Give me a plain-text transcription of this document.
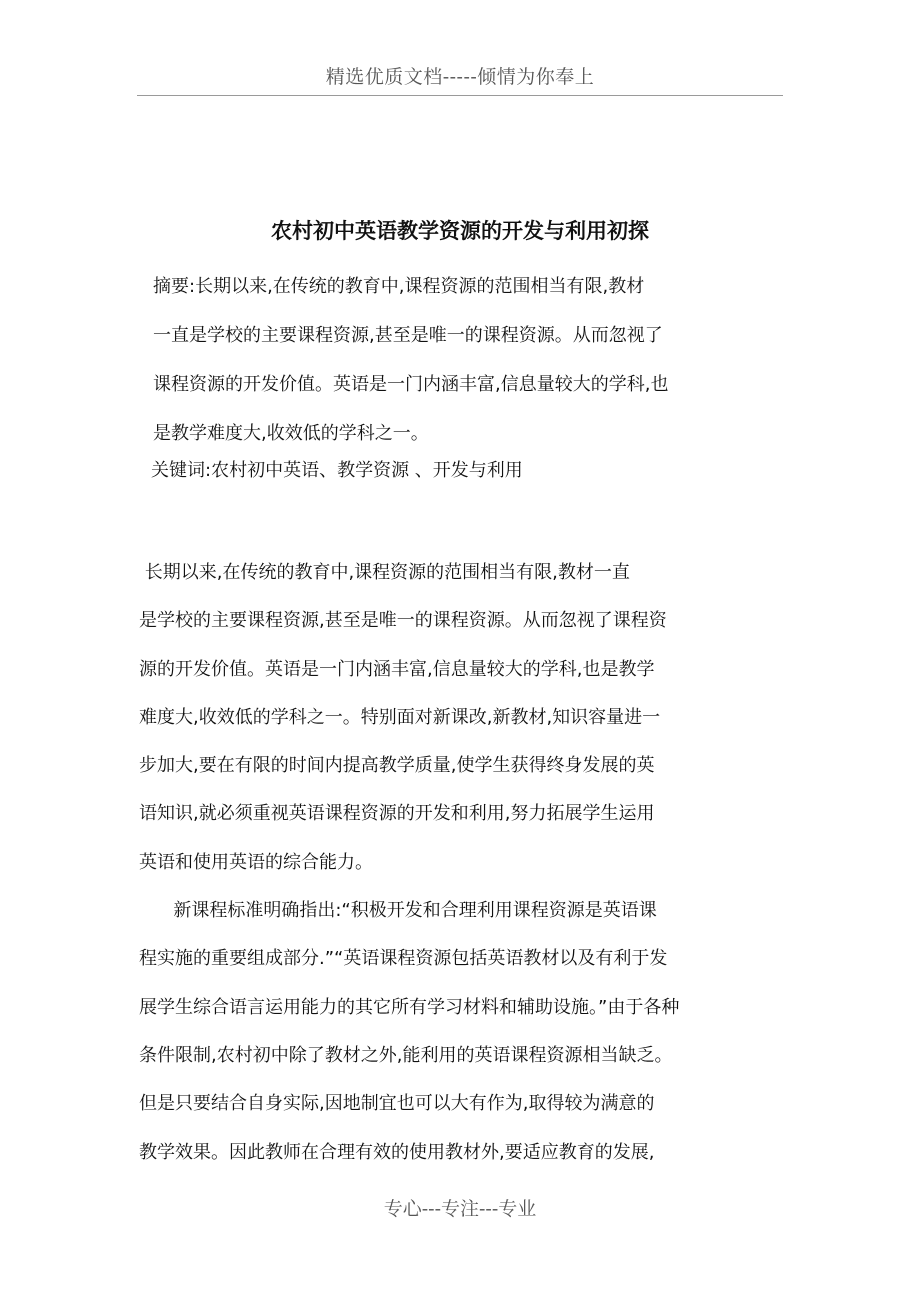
精选优质文档-----倾情为你奉上
农村初中英语教学资源的开发与利用初探
摘要:长期以来,在传统的教育中,课程资源的范围相当有限,教材
一直是学校的主要课程资源,甚至是唯一的课程资源。从而忽视了
课程资源的开发价值。英语是一门内涵丰富,信息量较大的学科,也
是教学难度大,收效低的学科之一。
关键词:农村初中英语、教学资源 、开发与利用
长期以来,在传统的教育中,课程资源的范围相当有限,教材一直
是学校的主要课程资源,甚至是唯一的课程资源。从而忽视了课程资
源的开发价值。英语是一门内涵丰富,信息量较大的学科,也是教学
难度大,收效低的学科之一。特别面对新课改,新教材,知识容量进一
步加大,要在有限的时间内提高教学质量,使学生获得终身发展的英
语知识,就必须重视英语课程资源的开发和利用,努力拓展学生运用
英语和使用英语的综合能力。
新课程标准明确指出:“积极开发和合理利用课程资源是英语课
程实施的重要组成部分.”“英语课程资源包括英语教材以及有利于发
展学生综合语言运用能力的其它所有学习材料和辅助设施。”由于各种
条件限制,农村初中除了教材之外,能利用的英语课程资源相当缺乏。
但是只要结合自身实际,因地制宜也可以大有作为,取得较为满意的
教学效果。因此教师在合理有效的使用教材外,要适应教育的发展,
专心---专注---专业
